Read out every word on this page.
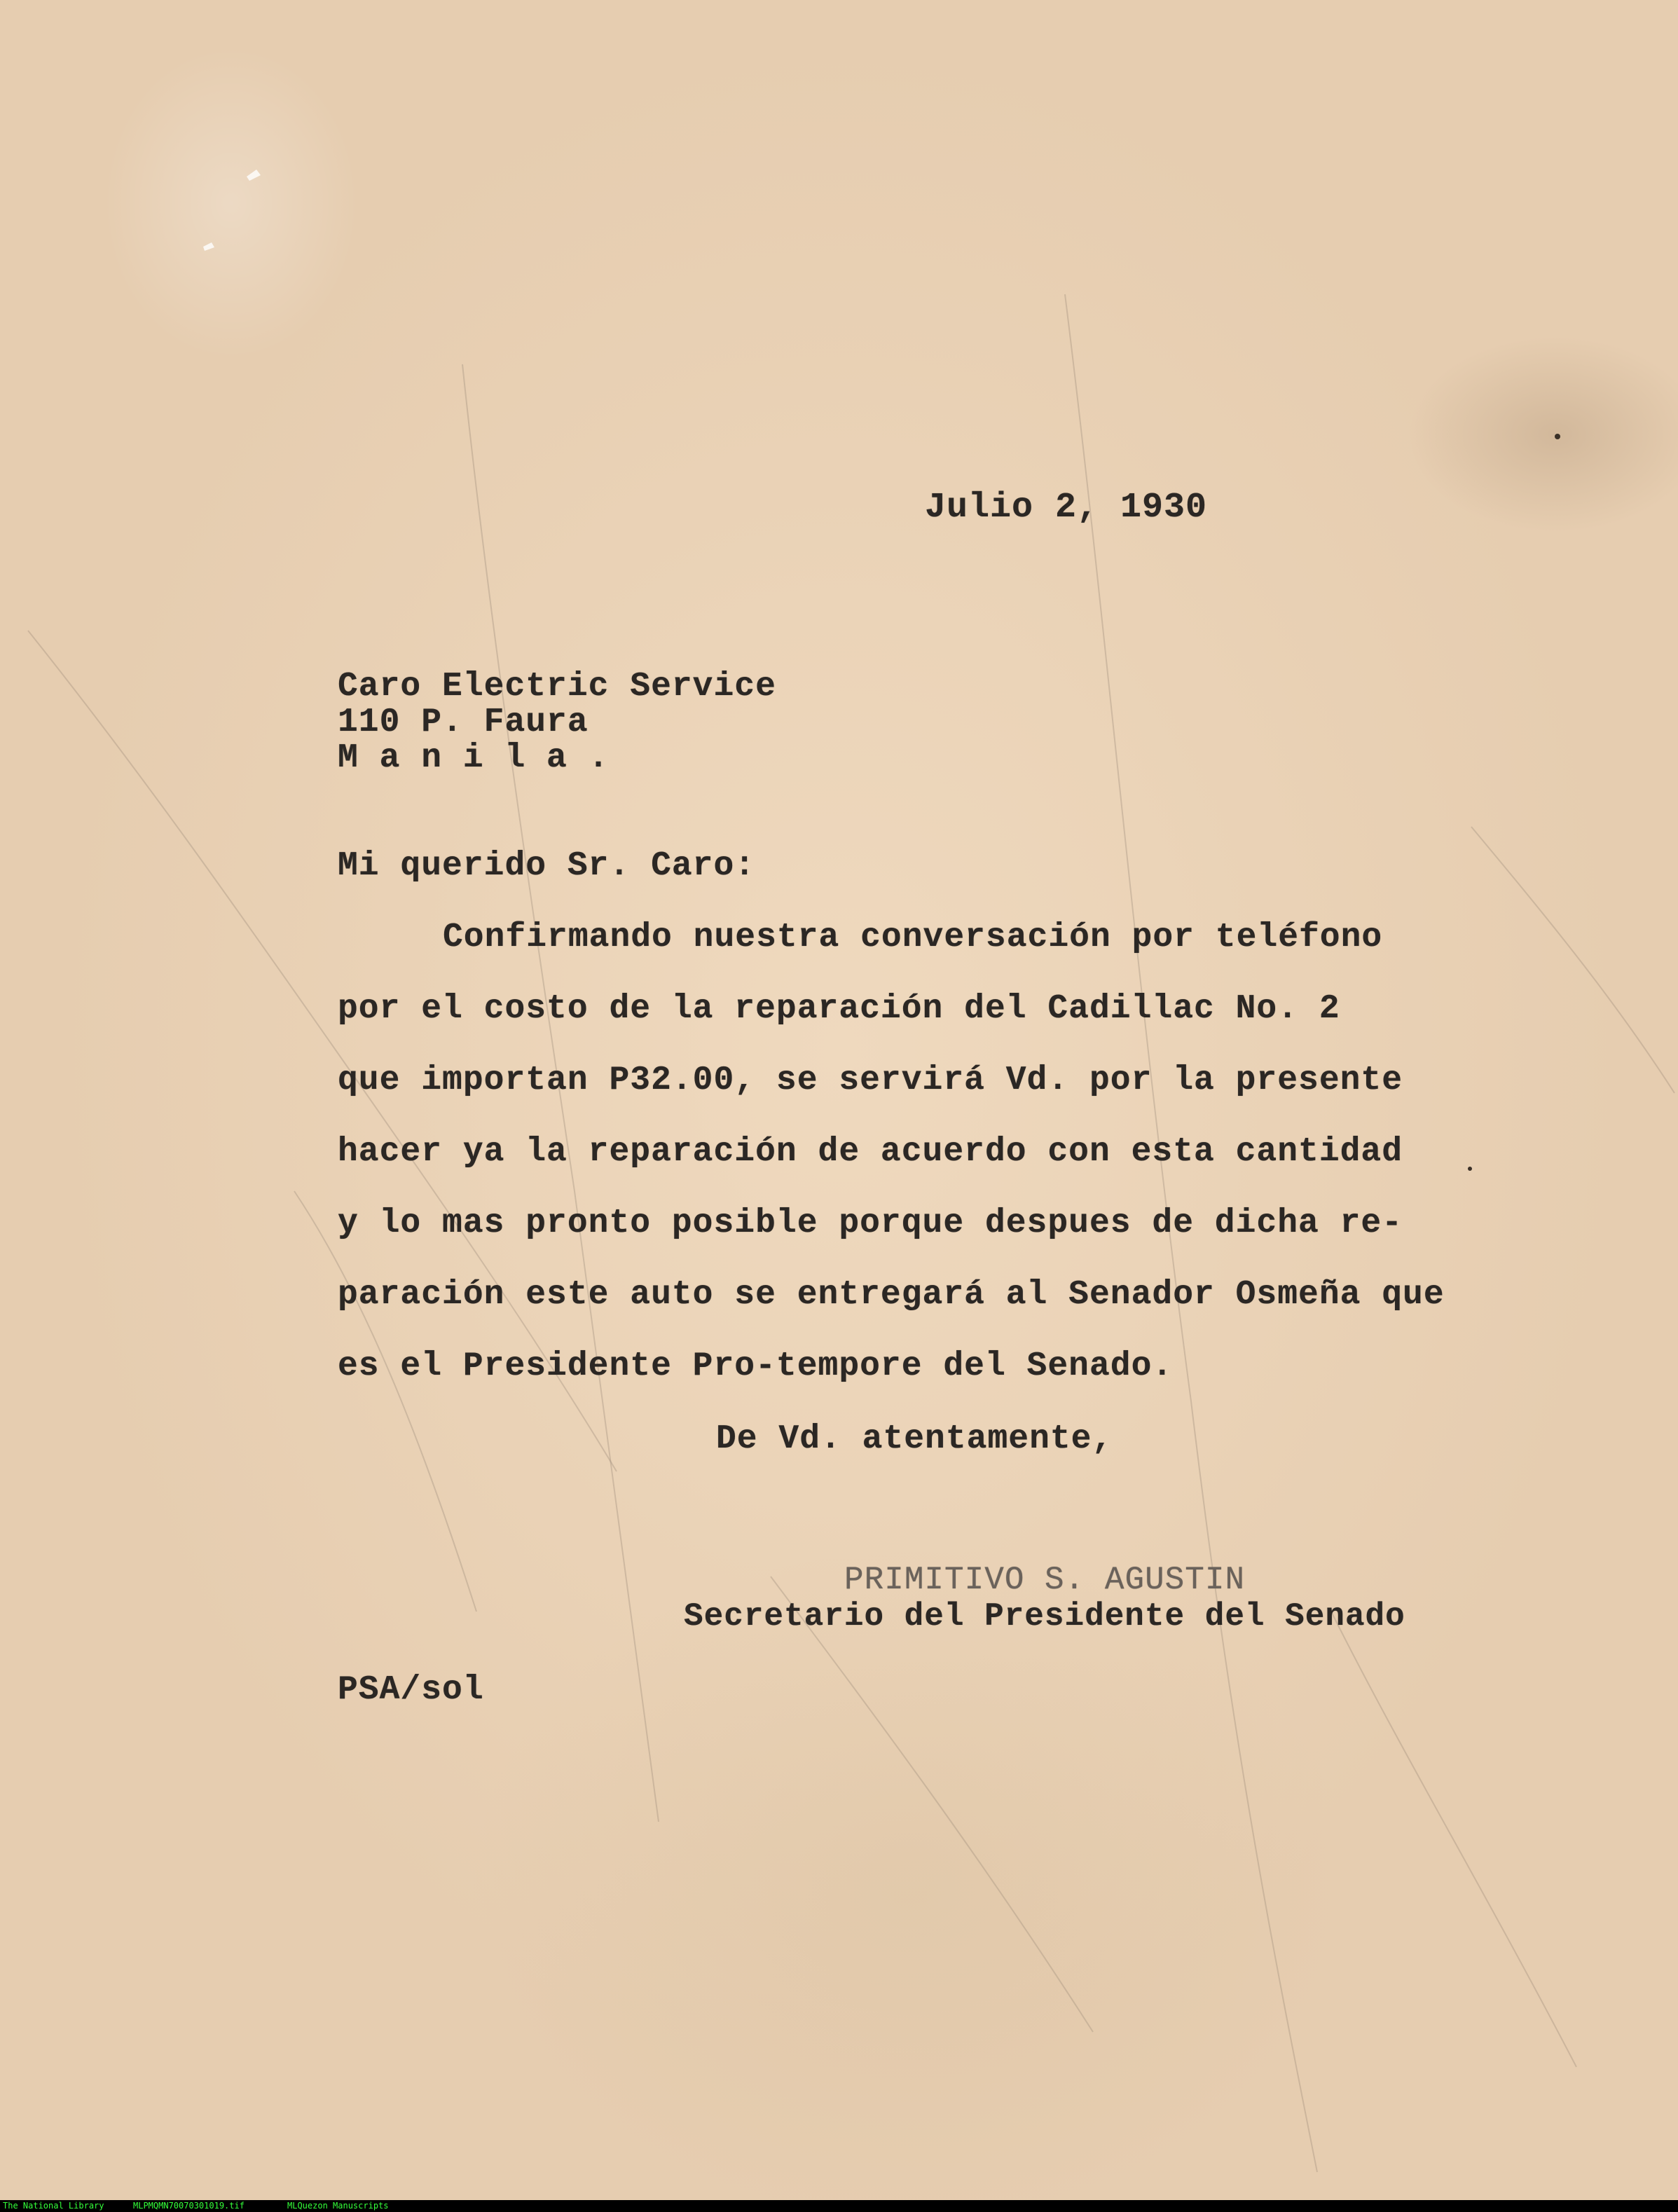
Julio 2, 1930
Caro Electric Service
110 P. Faura
M a n i l a .
Mi querido Sr. Caro:
Confirmando nuestra conversación por teléfono
por el costo de la reparación del Cadillac No. 2
que importan P32.00, se servirá Vd. por la presente
hacer ya la reparación de acuerdo con esta cantidad
y lo mas pronto posible porque despues de dicha re-
paración este auto se entregará al Senador Osmeña que
es el Presidente Pro-tempore del Senado.
De Vd. atentamente,
PRIMITIVO S. AGUSTIN
Secretario del Presidente del Senado
PSA/sol
The National Library	MLPMQMN70070301019.tif	MLQuezon Manuscripts
